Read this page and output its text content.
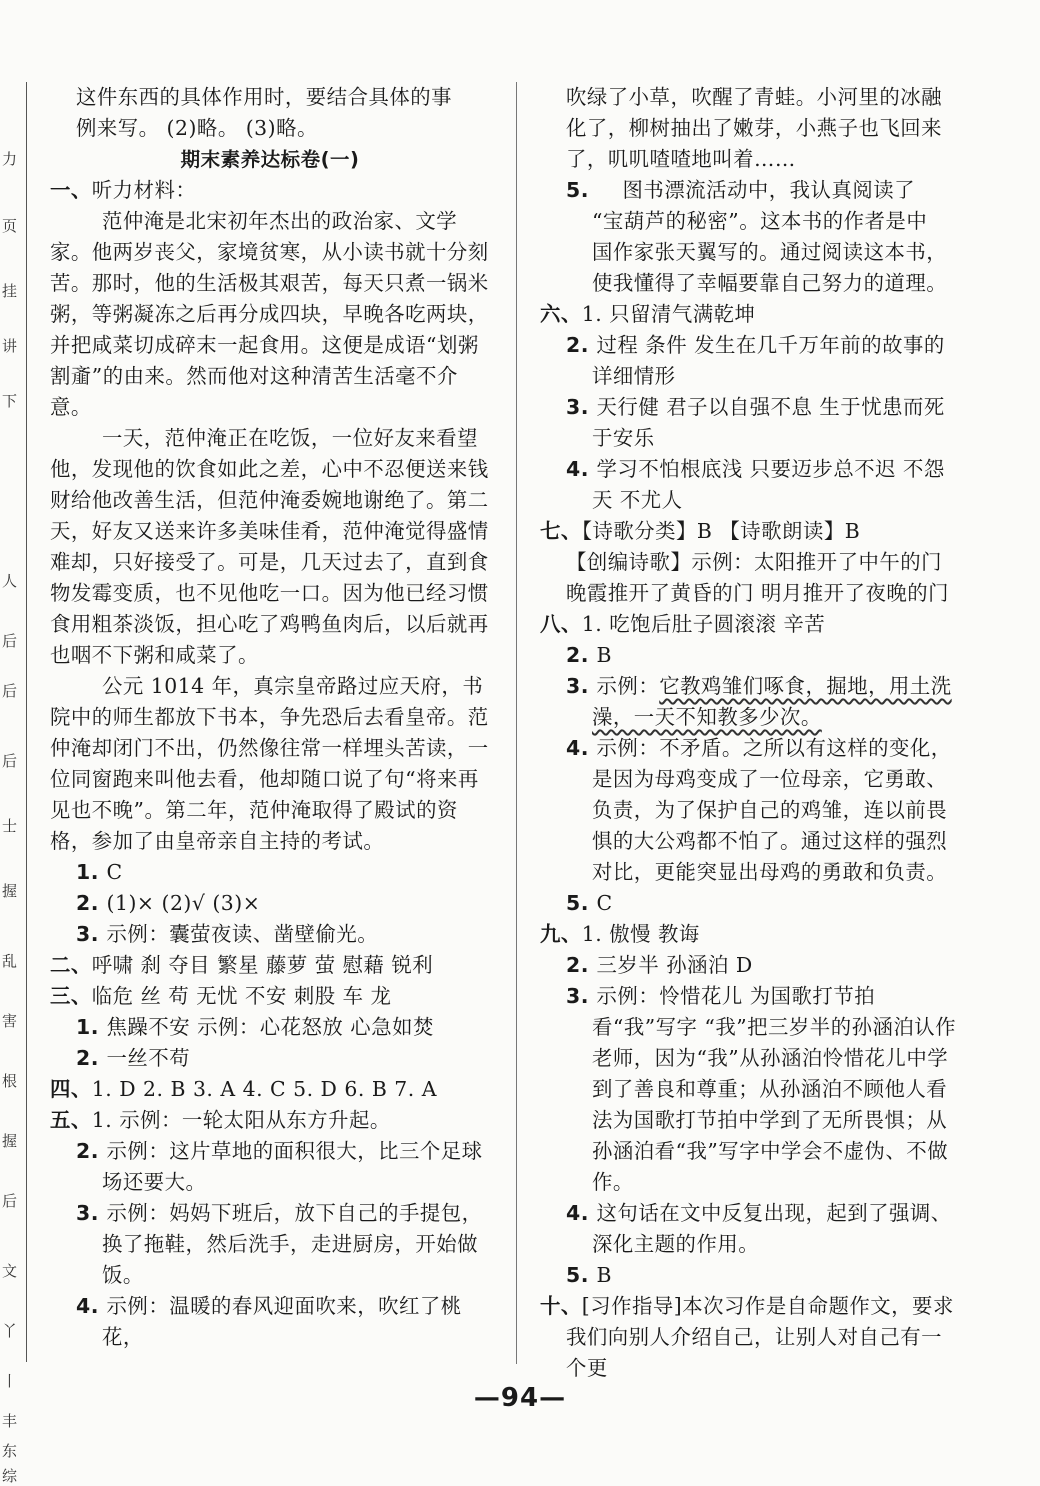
力
页
挂
讲
下
人
后
后
后
士
握
乱
害
根
握
后
文
丫
丨
丰
东
综

这件东西的具体作用时，要结合具体的事

例来写。 (2)略。 (3)略。

期末素养达标卷(一)

一、听力材料：

范仲淹是北宋初年杰出的政治家、文学家。他两岁丧父，家境贫寒，从小读书就十分刻苦。那时，他的生活极其艰苦，每天只煮一锅米粥，等粥凝冻之后再分成四块，早晚各吃两块，并把咸菜切成碎末一起食用。这便是成语“划粥割齑”的由来。然而他对这种清苦生活毫不介意。

一天，范仲淹正在吃饭，一位好友来看望他，发现他的饮食如此之差，心中不忍便送来钱财给他改善生活，但范仲淹委婉地谢绝了。第二天，好友又送来许多美味佳肴，范仲淹觉得盛情难却，只好接受了。可是，几天过去了，直到食物发霉变质，也不见他吃一口。因为他已经习惯食用粗茶淡饭，担心吃了鸡鸭鱼肉后，以后就再也咽不下粥和咸菜了。

公元 1014 年，真宗皇帝路过应天府，书院中的师生都放下书本，争先恐后去看皇帝。范仲淹却闭门不出，仍然像往常一样埋头苦读，一位同窗跑来叫他去看，他却随口说了句“将来再见也不晚”。第二年，范仲淹取得了殿试的资格，参加了由皇帝亲自主持的考试。

1. C

2. (1)× (2)√ (3)×

3. 示例：囊萤夜读、凿壁偷光。

二、呼啸 刹 夺目 繁星 藤萝 萤 慰藉 锐利

三、临危 丝 苟 无忧 不安 刺股 车 龙

1. 焦躁不安 示例：心花怒放 心急如焚

2. 一丝不苟

四、1. D 2. B 3. A 4. C 5. D 6. B 7. A

五、1. 示例：一轮太阳从东方升起。

2. 示例：这片草地的面积很大，比三个足球场还要大。

3. 示例：妈妈下班后，放下自己的手提包，换了拖鞋，然后洗手，走进厨房，开始做饭。

4. 示例：温暖的春风迎面吹来，吹红了桃花，

吹绿了小草，吹醒了青蛙。小河里的冰融化了，柳树抽出了嫩芽，小燕子也飞回来了，叽叽喳喳地叫着……

5. 图书漂流活动中，我认真阅读了
“宝葫芦的秘密”。这本书的作者是中
国作家张天翼写的。通过阅读这本书，
使我懂得了幸幅要靠自己努力的道理。

六、1. 只留清气满乾坤

2. 过程 条件 发生在几千万年前的故事的详细情形

3. 天行健 君子以自强不息 生于忧患而死于安乐

4. 学习不怕根底浅 只要迈步总不迟 不怨天 不尤人

七、【诗歌分类】B 【诗歌朗读】B

【创编诗歌】示例：太阳推开了中午的门 晚霞推开了黄昏的门 明月推开了夜晚的门

八、1. 吃饱后肚子圆滚滚 辛苦

2. B

3. 示例：它教鸡雏们啄食，掘地，用土洗澡，一天不知教多少次。

4. 示例：不矛盾。之所以有这样的变化，是因为母鸡变成了一位母亲，它勇敢、负责，为了保护自己的鸡雏，连以前畏惧的大公鸡都不怕了。通过这样的强烈对比，更能突显出母鸡的勇敢和负责。

5. C

九、1. 傲慢 教诲

2. 三岁半 孙涵泊 D

3. 示例：怜惜花儿 为国歌打节拍 看“我”写字 “我”把三岁半的孙涵泊认作老师，因为“我”从孙涵泊怜惜花儿中学到了善良和尊重；从孙涵泊不顾他人看法为国歌打节拍中学到了无所畏惧；从孙涵泊看“我”写字中学会不虚伪、不做作。

4. 这句话在文中反复出现，起到了强调、深化主题的作用。

5. B

十、[习作指导]本次习作是自命题作文，要求我们向别人介绍自己，让别人对自己有一个更

—94—
